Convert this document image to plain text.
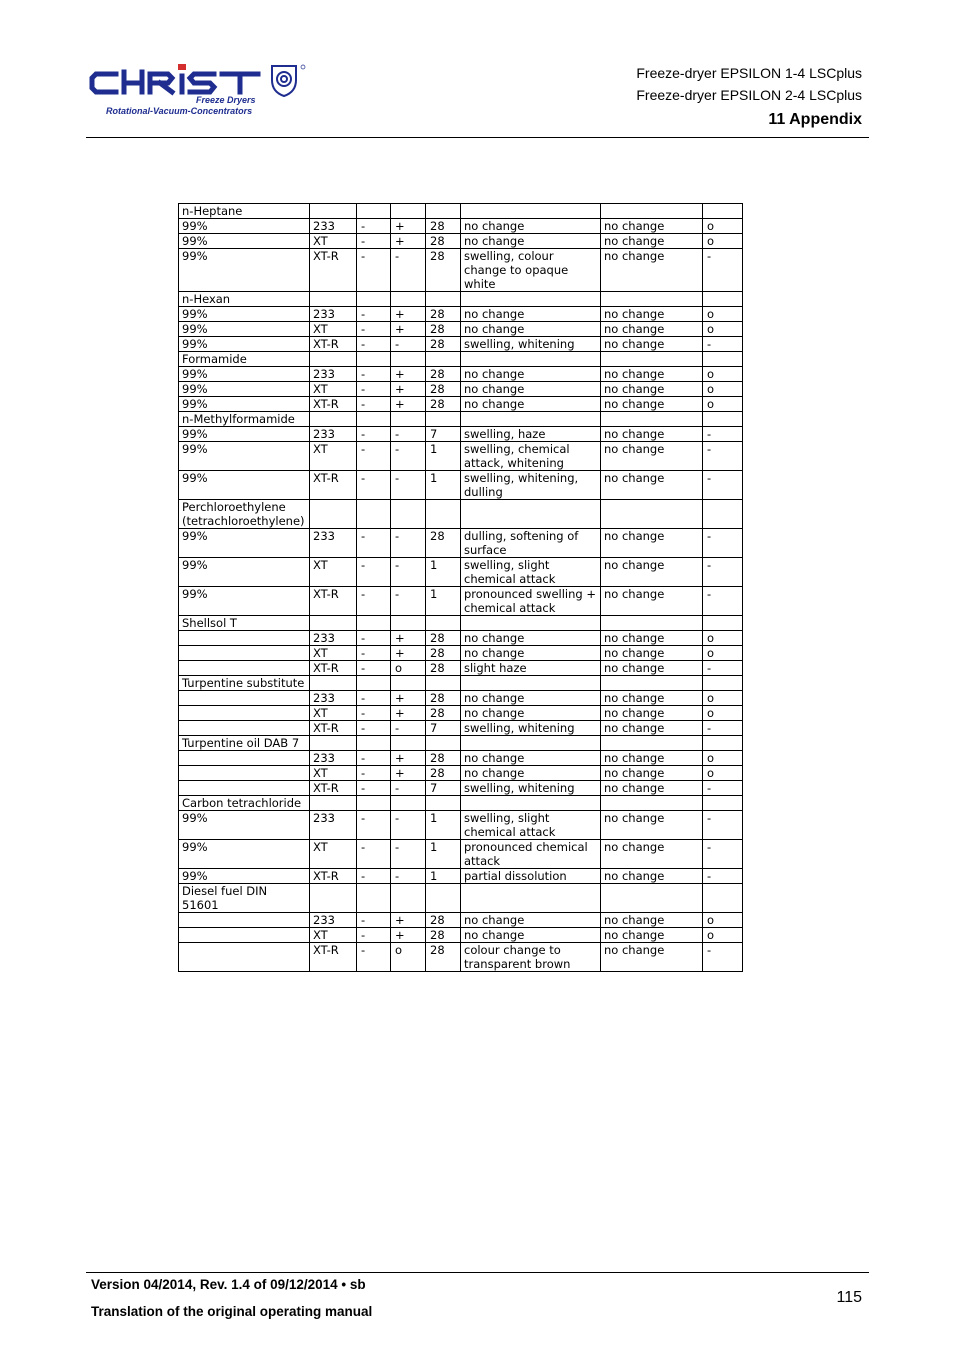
Freeze Dryers
Rotational-Vacuum-Concentrators
Freeze-dryer EPSILON 1-4 LSCplus
Freeze-dryer EPSILON 2-4 LSCplus
11 Appendix
n-Heptane							
99%	233	-	+	28	no change	no change	o
99%	XT	-	+	28	no change	no change	o
99%	XT-R	-	-	28	swelling, colour change to opaque white	no change	-
n-Hexan							
99%	233	-	+	28	no change	no change	o
99%	XT	-	+	28	no change	no change	o
99%	XT-R	-	-	28	swelling, whitening	no change	-
Formamide							
99%	233	-	+	28	no change	no change	o
99%	XT	-	+	28	no change	no change	o
99%	XT-R	-	+	28	no change	no change	o
n-Methylformamide							
99%	233	-	-	7	swelling, haze	no change	-
99%	XT	-	-	1	swelling, chemical attack, whitening	no change	-
99%	XT-R	-	-	1	swelling, whitening, dulling	no change	-
Perchloroethylene (tetrachloroethylene)							
99%	233	-	-	28	dulling, softening of surface	no change	-
99%	XT	-	-	1	swelling, slight chemical attack	no change	-
99%	XT-R	-	-	1	pronounced swelling + chemical attack	no change	-
Shellsol T							
	233	-	+	28	no change	no change	o
	XT	-	+	28	no change	no change	o
	XT-R	-	o	28	slight haze	no change	-
Turpentine substitute							
	233	-	+	28	no change	no change	o
	XT	-	+	28	no change	no change	o
	XT-R	-	-	7	swelling, whitening	no change	-
Turpentine oil DAB 7							
	233	-	+	28	no change	no change	o
	XT	-	+	28	no change	no change	o
	XT-R	-	-	7	swelling, whitening	no change	-
Carbon tetrachloride							
99%	233	-	-	1	swelling, slight chemical attack	no change	-
99%	XT	-	-	1	pronounced chemical attack	no change	-
99%	XT-R	-	-	1	partial dissolution	no change	-
Diesel fuel DIN 51601							
	233	-	+	28	no change	no change	o
	XT	-	+	28	no change	no change	o
	XT-R	-	o	28	colour change to transparent brown	no change	-
Version 04/2014, Rev. 1.4 of 09/12/2014 • sb
Translation of the original operating manual
115
